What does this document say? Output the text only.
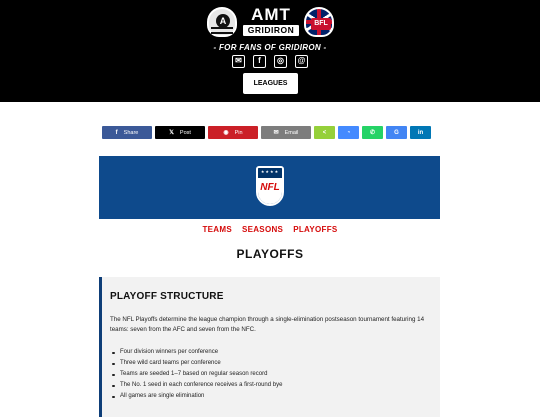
A	AMT
GRIDIRON
BFL
- FOR FANS OF GRIDIRON -
✉	f	◎	@
LEAGUES
f Share	𝕏 Post	◉ Pin	✉ Email	<	◔	✆	G	in
★★★★
NFL
TEAMS SEASONS PLAYOFFS
PLAYOFFS
PLAYOFF STRUCTURE

The NFL Playoffs determine the league champion through a single-elimination postseason tournament featuring 14 teams: seven from the AFC and seven from the NFC.

Four division winners per conference
Three wild card teams per conference
Teams are seeded 1–7 based on regular season record
The No. 1 seed in each conference receives a first-round bye
All games are single elimination
